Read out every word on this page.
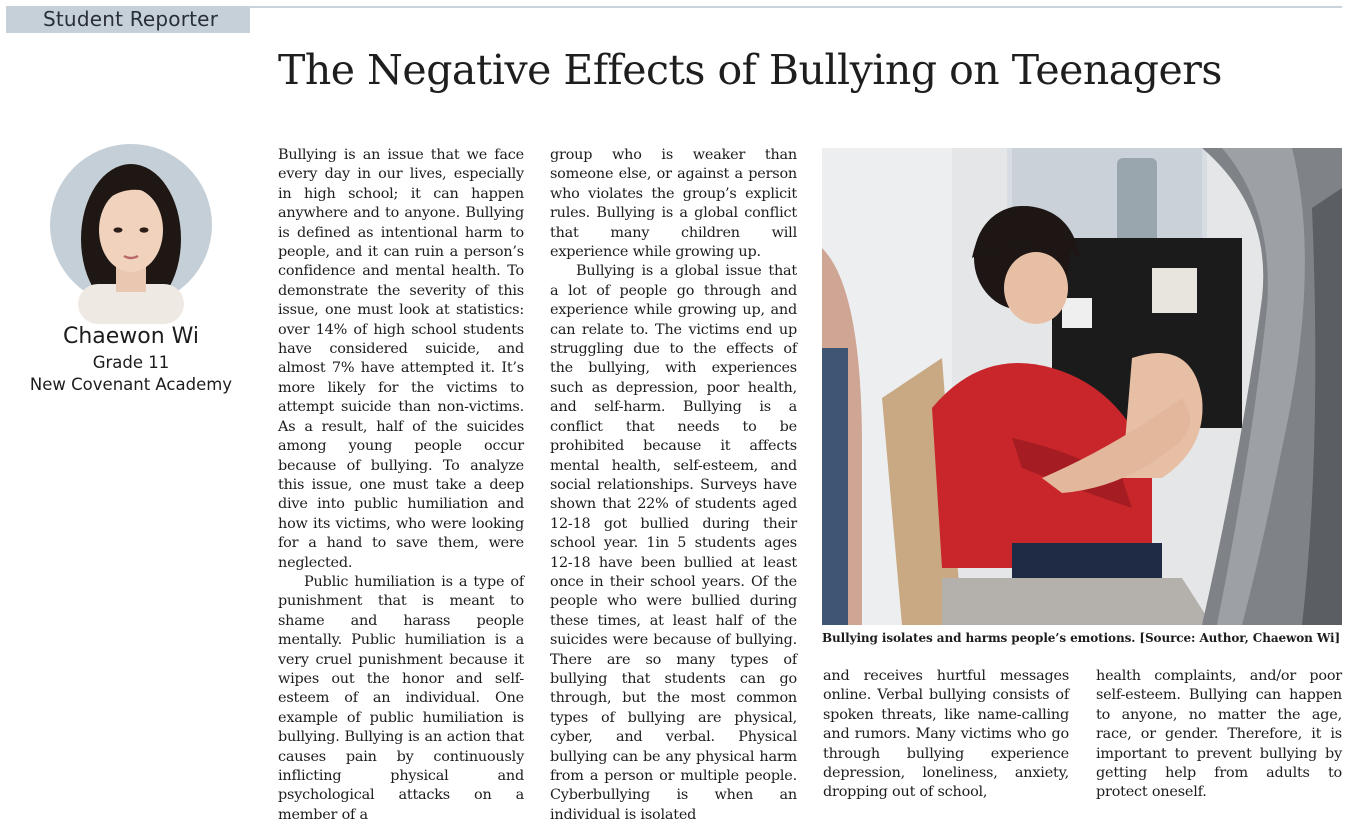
Student Reporter
The Negative Effects of Bullying on Teenagers
Chaewon Wi
Grade 11
New Covenant Academy

Bullying is an issue that we face every day in our lives, especially in high school; it can happen anywhere and to anyone. Bullying is defined as intentional harm to people, and it can ruin a person’s confidence and mental health. To demonstrate the severity of this issue, one must look at statistics: over 14% of high school students have considered suicide, and almost 7% have attempted it. It’s more likely for the victims to attempt suicide than non-victims. As a result, half of the suicides among young people occur because of bullying. To analyze this issue, one must take a deep dive into public humiliation and how its victims, who were looking for a hand to save them, were neglected.

Public humiliation is a type of punishment that is meant to shame and harass people mentally. Public humiliation is a very cruel punishment because it wipes out the honor and self-esteem of an individual. One example of public humiliation is bullying. Bullying is an action that causes pain by continuously inflicting physical and psychological attacks on a member of a

group who is weaker than someone else, or against a person who violates the group’s explicit rules. Bullying is a global conflict that many children will experience while growing up.

Bullying is a global issue that a lot of people go through and experience while growing up, and can relate to. The victims end up struggling due to the effects of the bullying, with experiences such as depression, poor health, and self-harm. Bullying is a conflict that needs to be prohibited because it affects mental health, self-esteem, and social relationships. Surveys have shown that 22% of students aged 12-18 got bullied during their school year. 1in 5 students ages 12-18 have been bullied at least once in their school years. Of the people who were bullied during these times, at least half of the suicides were because of bullying. There are so many types of bullying that students can go through, but the most common types of bullying are physical, cyber, and verbal. Physical bullying can be any physical harm from a person or multiple people. Cyberbullying is when an individual is isolated

Bullying isolates and harms people’s emotions. [Source: Author, Chaewon Wi]

and receives hurtful messages online. Verbal bullying consists of spoken threats, like name-calling and rumors. Many victims who go through bullying experience depression, loneliness, anxiety, dropping out of school,

health complaints, and/or poor self-esteem. Bullying can happen to anyone, no matter the age, race, or gender. Therefore, it is important to prevent bullying by getting help from adults to protect oneself.
